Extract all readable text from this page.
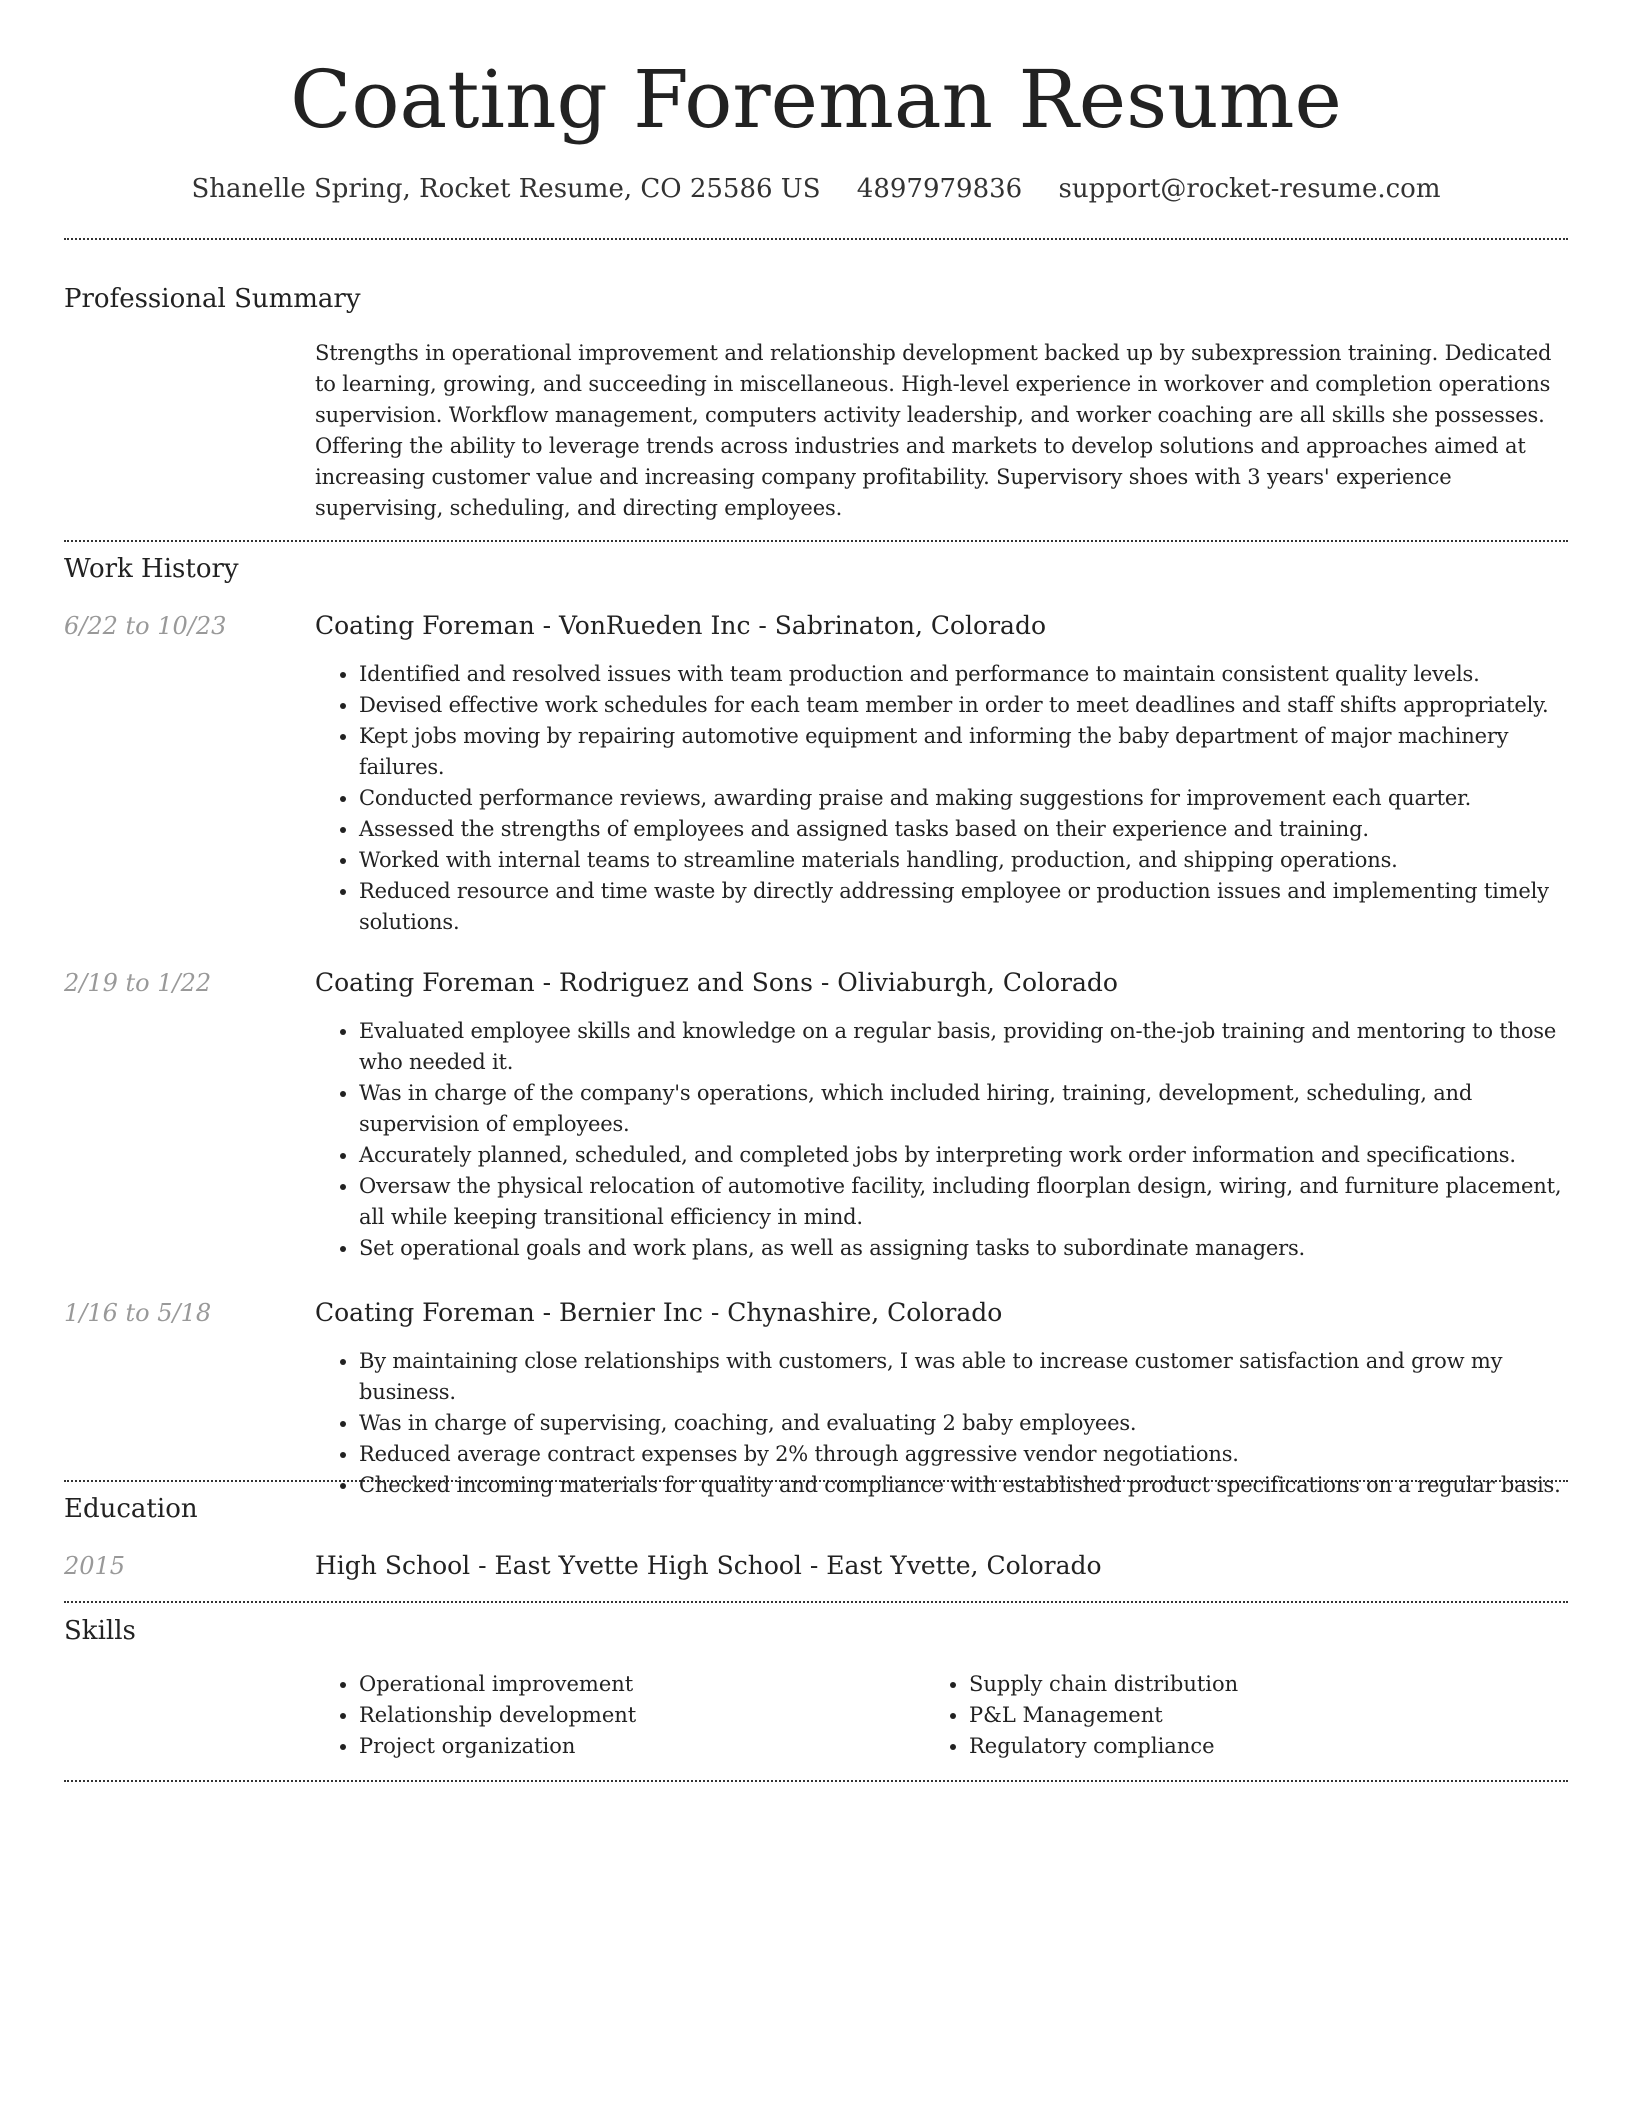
Coating Foreman Resume
Shanelle Spring, Rocket Resume, CO 25586 US 4897979836 support@rocket-resume.com
Professional Summary

Strengths in operational improvement and relationship development backed up by subexpression training. Dedicated to learning, growing, and succeeding in miscellaneous. High-level experience in workover and completion operations supervision. Workflow management, computers activity leadership, and worker coaching are all skills she possesses. Offering the ability to leverage trends across industries and markets to develop solutions and approaches aimed at increasing customer value and increasing company profitability. Supervisory shoes with 3 years' experience supervising, scheduling, and directing employees.

Work History
6/22 to 10/23	Coating Foreman - VonRueden Inc - Sabrinaton, Colorado
• Identified and resolved issues with team production and performance to maintain consistent quality levels.
• Devised effective work schedules for each team member in order to meet deadlines and staff shifts appropriately.
• Kept jobs moving by repairing automotive equipment and informing the baby department of major machinery failures.
• Conducted performance reviews, awarding praise and making suggestions for improvement each quarter.
• Assessed the strengths of employees and assigned tasks based on their experience and training.
• Worked with internal teams to streamline materials handling, production, and shipping operations.
• Reduced resource and time waste by directly addressing employee or production issues and implementing timely solutions.
2/19 to 1/22	Coating Foreman - Rodriguez and Sons - Oliviaburgh, Colorado
• Evaluated employee skills and knowledge on a regular basis, providing on-the-job training and mentoring to those who needed it.
• Was in charge of the company's operations, which included hiring, training, development, scheduling, and supervision of employees.
• Accurately planned, scheduled, and completed jobs by interpreting work order information and specifications.
• Oversaw the physical relocation of automotive facility, including floorplan design, wiring, and furniture placement, all while keeping transitional efficiency in mind.
• Set operational goals and work plans, as well as assigning tasks to subordinate managers.
1/16 to 5/18	Coating Foreman - Bernier Inc - Chynashire, Colorado
• By maintaining close relationships with customers, I was able to increase customer satisfaction and grow my business.
• Was in charge of supervising, coaching, and evaluating 2 baby employees.
• Reduced average contract expenses by 2% through aggressive vendor negotiations.
• Checked incoming materials for quality and compliance with established product specifications on a regular basis.
Education
2015	High School - East Yvette High School - East Yvette, Colorado
Skills
• Operational improvement
• Relationship development
• Project organization
• Supply chain distribution
• P&L Management
• Regulatory compliance
